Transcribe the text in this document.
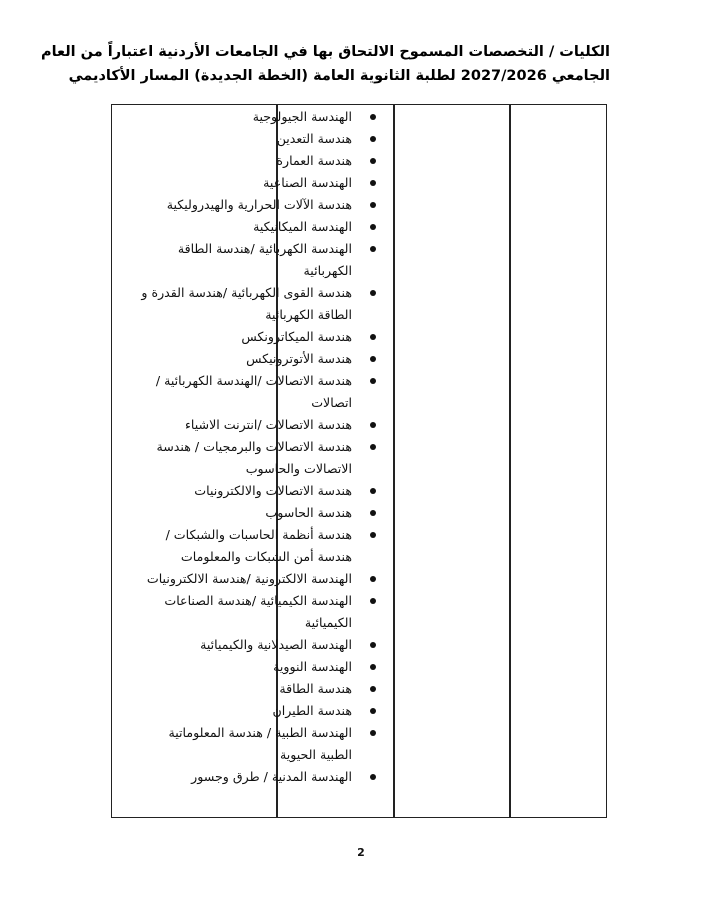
الكليات / التخصصات المسموح الالتحاق بها في الجامعات الأردنية اعتباراً من العام
الجامعي 2027/2026 لطلبة الثانوية العامة (الخطة الجديدة) المسار الأكاديمي
الهندسة الجيولوجية
هندسة التعدين
هندسة العمارة
الهندسة الصناعية
هندسة الآلات الحرارية والهيدروليكية
الهندسة الميكانيكية
الهندسة الكهربائية /هندسة الطاقة الكهربائية
هندسة القوى الكهربائية /هندسة القدرة و الطاقة الكهربائية
هندسة الميكاترونكس
هندسة الأتوترونيكس
هندسة الاتصالات /الهندسة الكهربائية / اتصالات
هندسة الاتصالات /انترنت الاشياء
هندسة الاتصالات والبرمجيات / هندسة الاتصالات والحاسوب
هندسة الاتصالات والالكترونيات
هندسة الحاسوب
هندسة أنظمة الحاسبات والشبكات / هندسة أمن الشبكات والمعلومات
الهندسة الالكترونية /هندسة الالكترونيات
الهندسة الكيميائية /هندسة الصناعات الكيميائية
الهندسة الصيدلانية والكيميائية
الهندسة النووية
هندسة الطاقة
هندسة الطيران
الهندسة الطبية / هندسة المعلوماتية الطبية الحيوية
الهندسة المدنية / طرق وجسور
2
